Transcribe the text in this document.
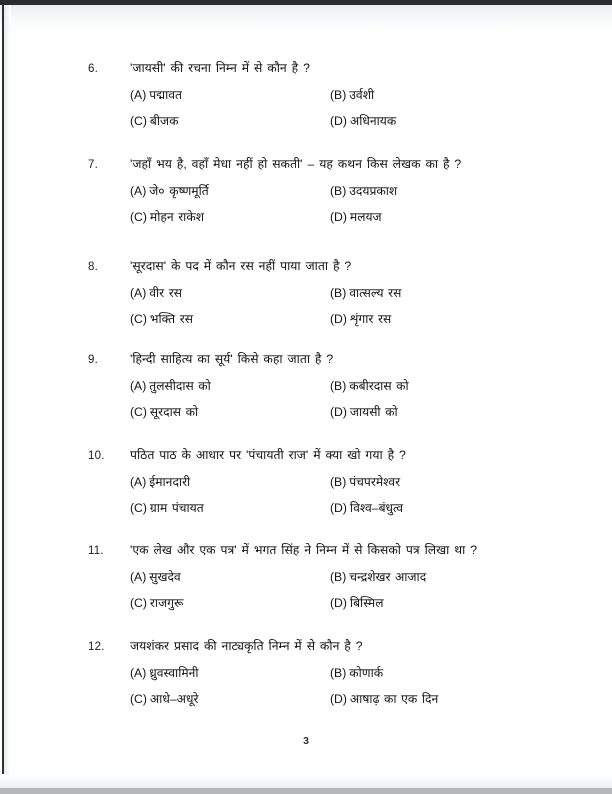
6.	'जायसी' की रचना निम्न में से कौन है ?
(A) पद्मावत	(B) उर्वशी
(C) बीजक	(D) अधिनायक
7.	'जहाँ भय है, वहाँ मेधा नहीं हो सकती' – यह कथन किस लेखक का है ?
(A) जे० कृष्णमूर्ति	(B) उदयप्रकाश
(C) मोहन राकेश	(D) मलयज
8.	'सूरदास' के पद में कौन रस नहीं पाया जाता है ?
(A) वीर रस	(B) वात्सल्य रस
(C) भक्ति रस	(D) शृंगार रस
9.	'हिन्दी साहित्य का सूर्य' किसे कहा जाता है ?
(A) तुलसीदास को	(B) कबीरदास को
(C) सूरदास को	(D) जायसी को
10.	पठित पाठ के आधार पर 'पंचायती राज' में क्या खो गया है ?
(A) ईमानदारी	(B) पंचपरमेश्वर
(C) ग्राम पंचायत	(D) विश्व–बंधुत्व
11.	'एक लेख और एक पत्र' में भगत सिंह ने निम्न में से किसको पत्र लिखा था ?
(A) सुखदेव	(B) चन्द्रशेखर आजाद
(C) राजगुरू	(D) बिस्मिल
12.	जयशंकर प्रसाद की नाट्यकृति निम्न में से कौन है ?
(A) ध्रुवस्वामिनी	(B) कोणार्क
(C) आधे–अधूरे	(D) आषाढ़ का एक दिन
3
